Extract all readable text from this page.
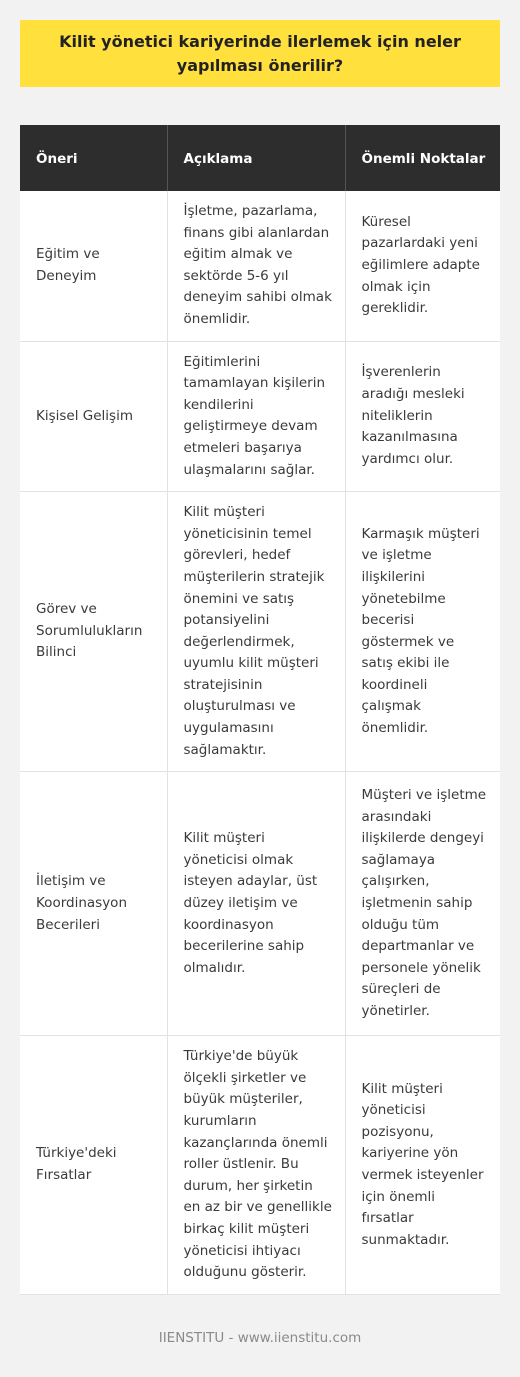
Kilit yönetici kariyerinde ilerlemek için neler yapılması önerilir?
Öneri	Açıklama	Önemli Noktalar
Eğitim ve Deneyim	İşletme, pazarlama, finans gibi alanlardan eğitim almak ve sektörde 5-6 yıl deneyim sahibi olmak önemlidir.	Küresel pazarlardaki yeni eğilimlere adapte olmak için gereklidir.
Kişisel Gelişim	Eğitimlerini tamamlayan kişilerin kendilerini geliştirmeye devam etmeleri başarıya ulaşmalarını sağlar.	İşverenlerin aradığı mesleki niteliklerin kazanılmasına yardımcı olur.
Görev ve Sorumlulukların Bilinci	Kilit müşteri yöneticisinin temel görevleri, hedef müşterilerin stratejik önemini ve satış potansiyelini değerlendirmek, uyumlu kilit müşteri stratejisinin oluşturulması ve uygulamasını sağlamaktır.	Karmaşık müşteri ve işletme ilişkilerini yönetebilme becerisi göstermek ve satış ekibi ile koordineli çalışmak önemlidir.
İletişim ve Koordinasyon Becerileri	Kilit müşteri yöneticisi olmak isteyen adaylar, üst düzey iletişim ve koordinasyon becerilerine sahip olmalıdır.	Müşteri ve işletme arasındaki ilişkilerde dengeyi sağlamaya çalışırken, işletmenin sahip olduğu tüm departmanlar ve personele yönelik süreçleri de yönetirler.
Türkiye'deki Fırsatlar	Türkiye'de büyük ölçekli şirketler ve büyük müşteriler, kurumların kazançlarında önemli roller üstlenir. Bu durum, her şirketin en az bir ve genellikle birkaç kilit müşteri yöneticisi ihtiyacı olduğunu gösterir.	Kilit müşteri yöneticisi pozisyonu, kariyerine yön vermek isteyenler için önemli fırsatlar sunmaktadır.
IIENSTITU - www.iienstitu.com
